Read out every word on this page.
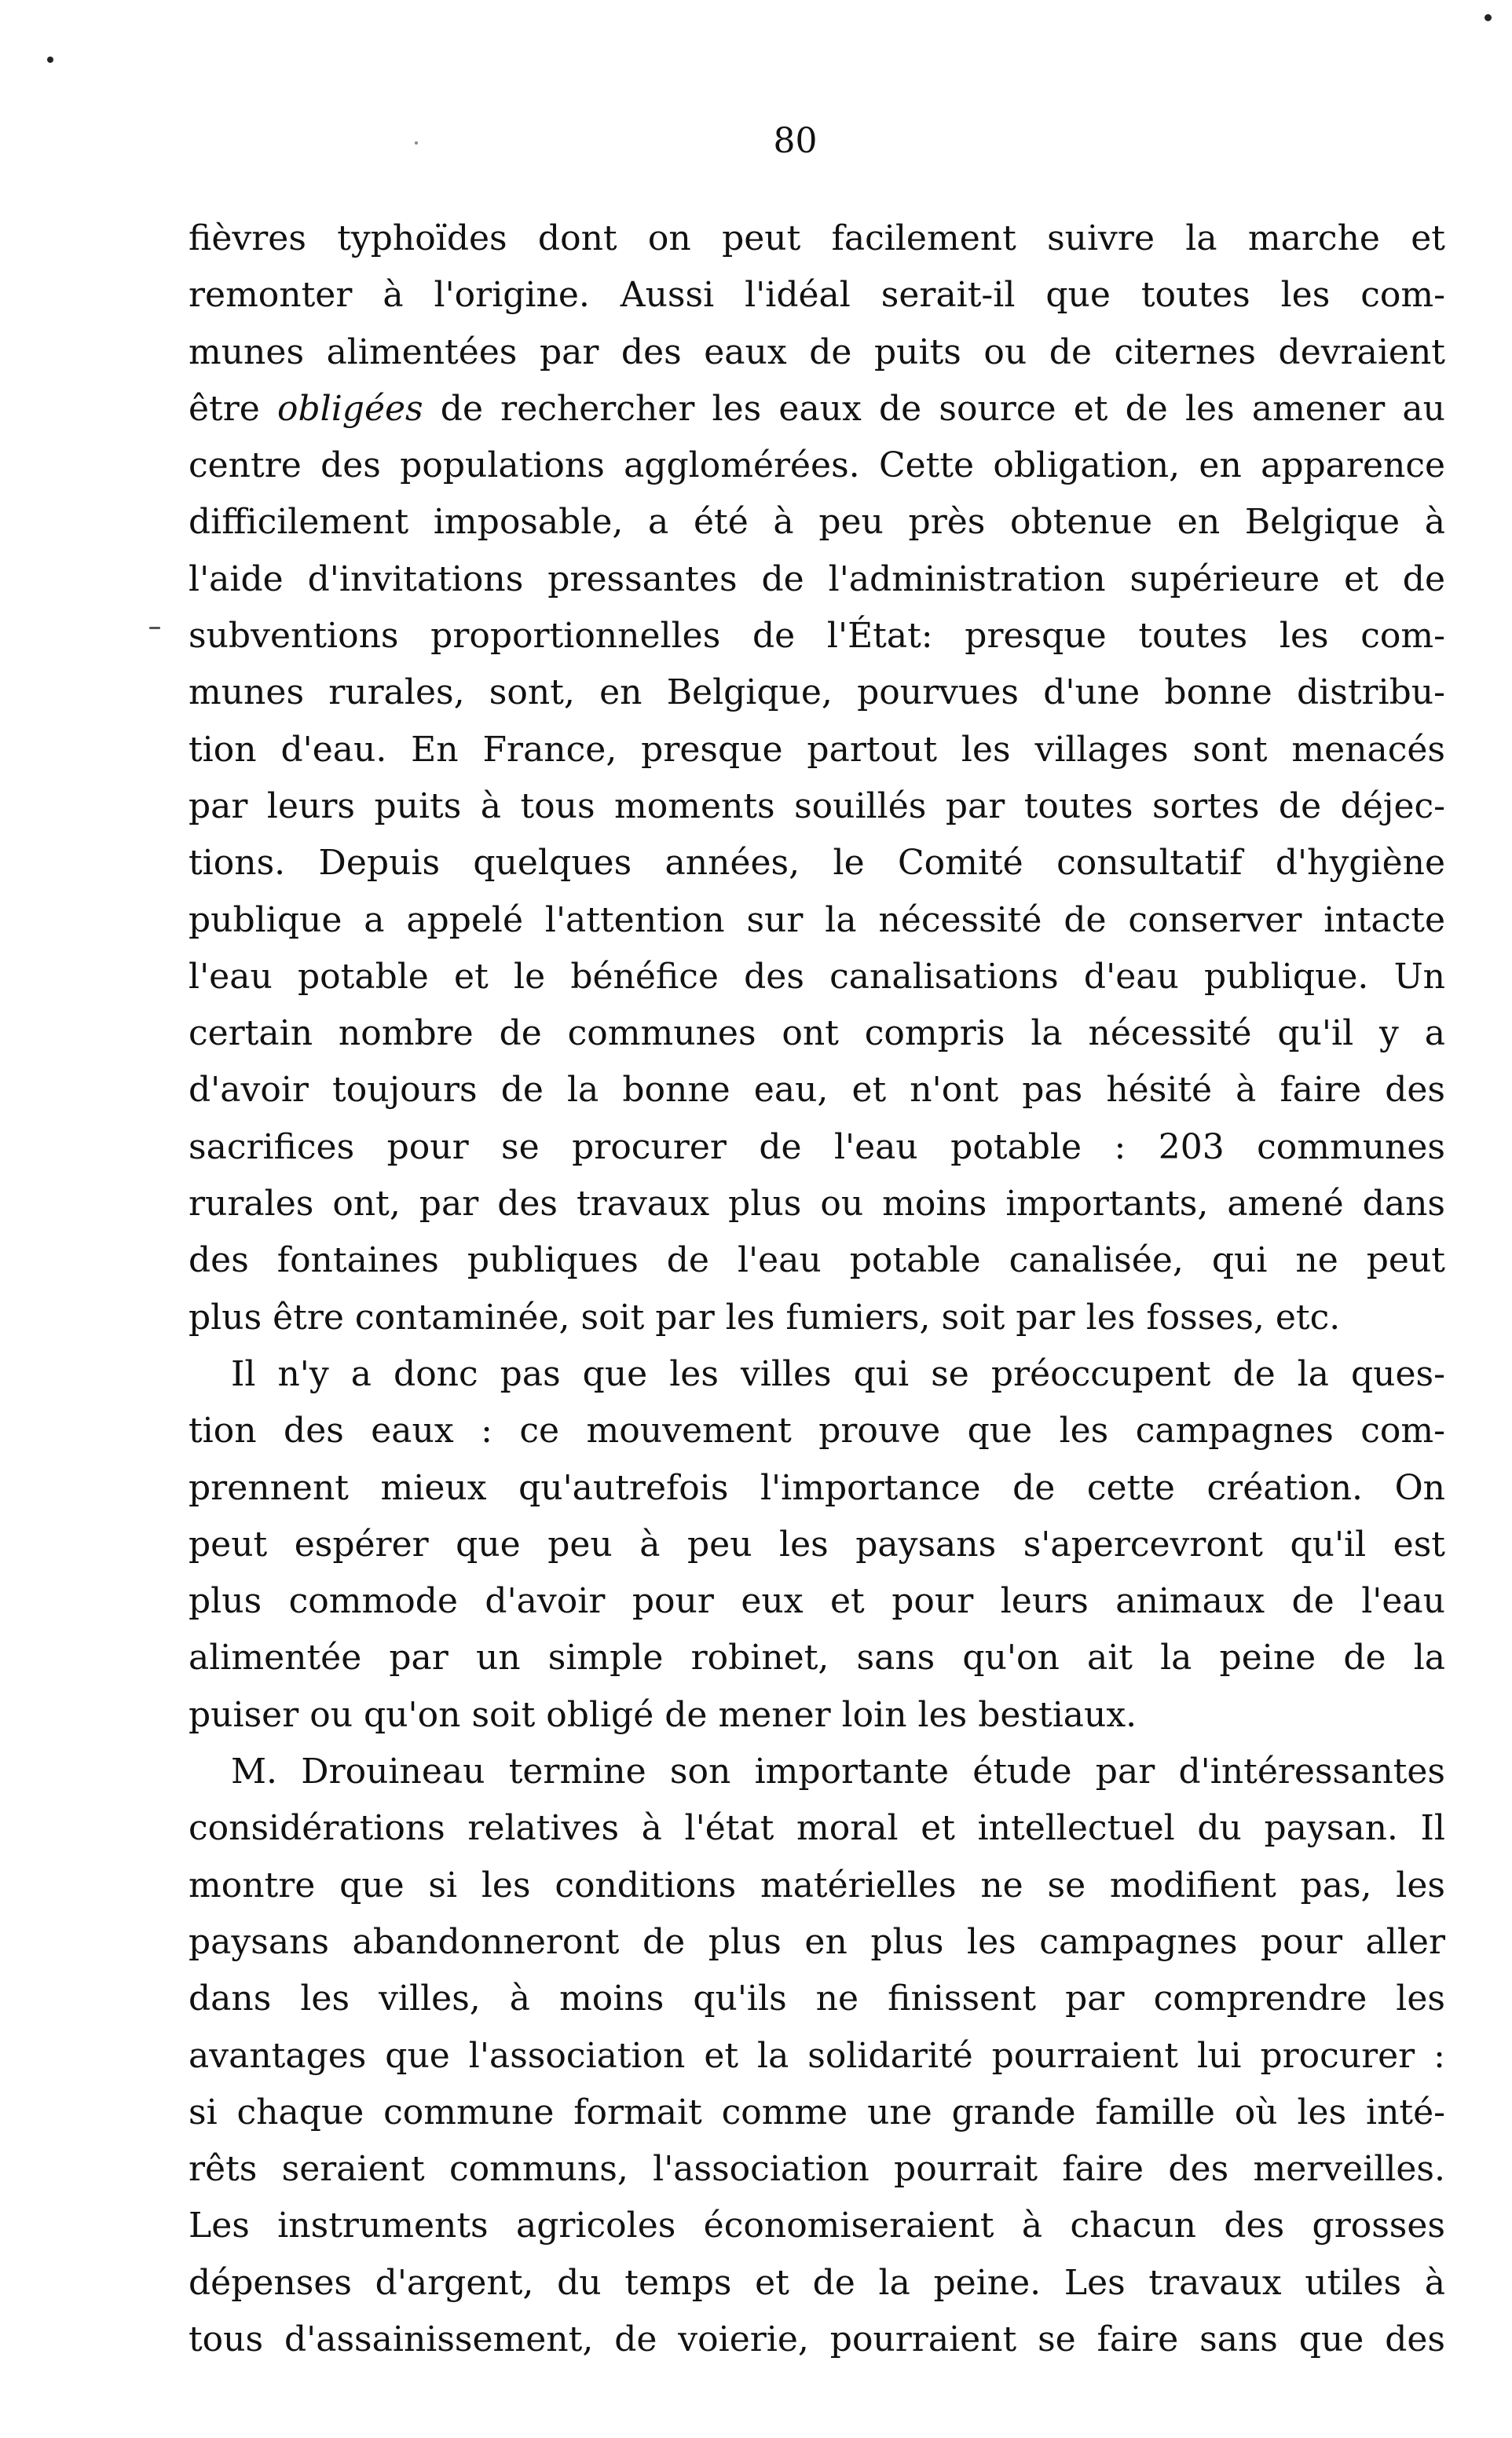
80
fièvres typhoïdes dont on peut facilement suivre la marche et
remonter à l'origine. Aussi l'idéal serait-il que toutes les com-
munes alimentées par des eaux de puits ou de citernes devraient
être obligées de rechercher les eaux de source et de les amener au
centre des populations agglomérées. Cette obligation, en apparence
difficilement imposable, a été à peu près obtenue en Belgique à
l'aide d'invitations pressantes de l'administration supérieure et de
subventions proportionnelles de l'État: presque toutes les com-
munes rurales, sont, en Belgique, pourvues d'une bonne distribu-
tion d'eau. En France, presque partout les villages sont menacés
par leurs puits à tous moments souillés par toutes sortes de déjec-
tions. Depuis quelques années, le Comité consultatif d'hygiène
publique a appelé l'attention sur la nécessité de conserver intacte
l'eau potable et le bénéfice des canalisations d'eau publique. Un
certain nombre de communes ont compris la nécessité qu'il y a
d'avoir toujours de la bonne eau, et n'ont pas hésité à faire des
sacrifices pour se procurer de l'eau potable : 203 communes
rurales ont, par des travaux plus ou moins importants, amené dans
des fontaines publiques de l'eau potable canalisée, qui ne peut
plus être contaminée, soit par les fumiers, soit par les fosses, etc.
Il n'y a donc pas que les villes qui se préoccupent de la ques-
tion des eaux : ce mouvement prouve que les campagnes com-
prennent mieux qu'autrefois l'importance de cette création. On
peut espérer que peu à peu les paysans s'apercevront qu'il est
plus commode d'avoir pour eux et pour leurs animaux de l'eau
alimentée par un simple robinet, sans qu'on ait la peine de la
puiser ou qu'on soit obligé de mener loin les bestiaux.
M. Drouineau termine son importante étude par d'intéressantes
considérations relatives à l'état moral et intellectuel du paysan. Il
montre que si les conditions matérielles ne se modifient pas, les
paysans abandonneront de plus en plus les campagnes pour aller
dans les villes, à moins qu'ils ne finissent par comprendre les
avantages que l'association et la solidarité pourraient lui procurer :
si chaque commune formait comme une grande famille où les inté-
rêts seraient communs, l'association pourrait faire des merveilles.
Les instruments agricoles économiseraient à chacun des grosses
dépenses d'argent, du temps et de la peine. Les travaux utiles à
tous d'assainissement, de voierie, pourraient se faire sans que des
